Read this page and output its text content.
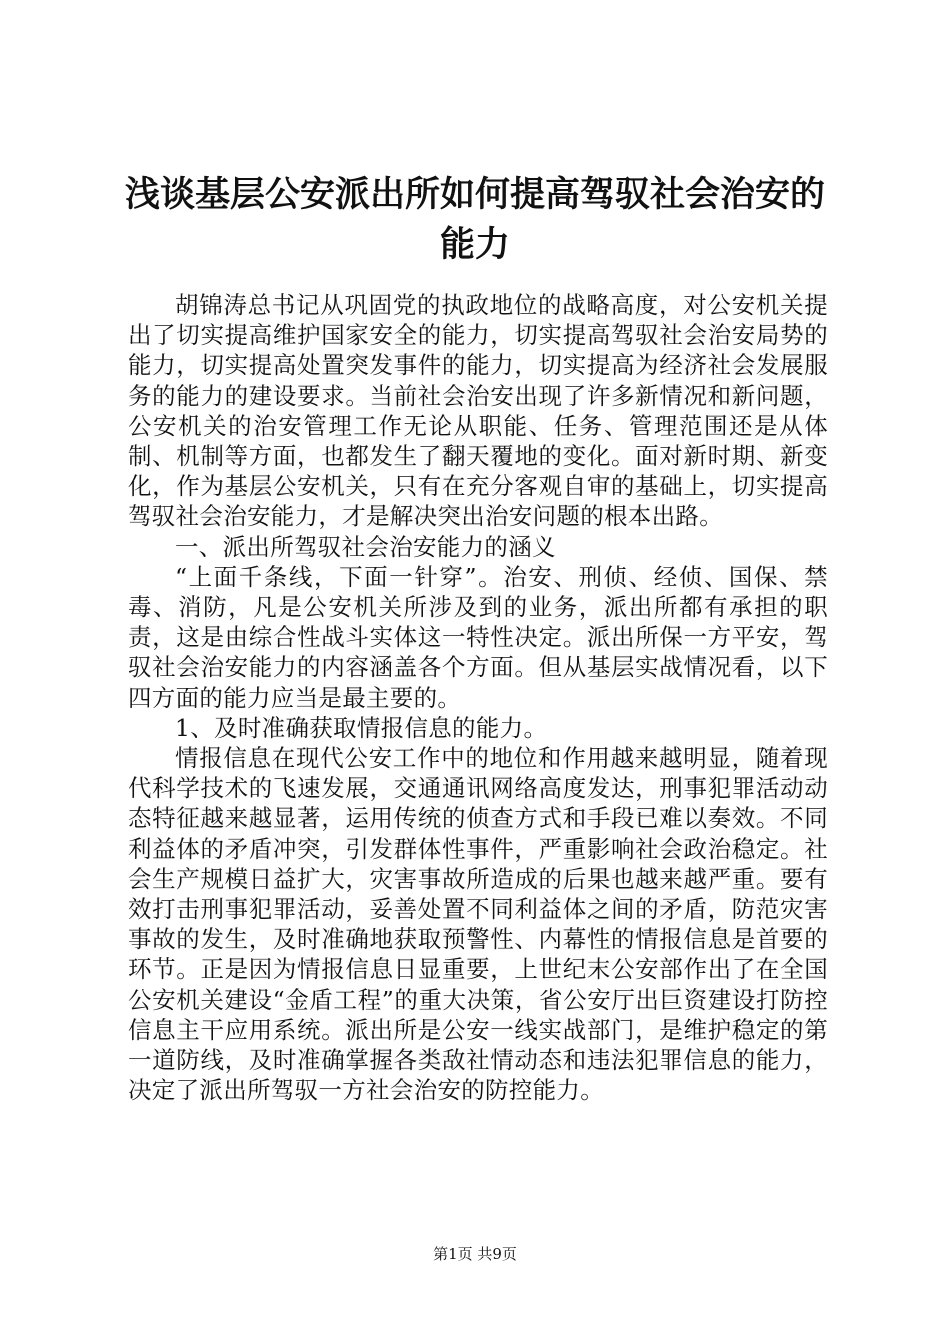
浅谈基层公安派出所如何提高驾驭社会治安的
能力

胡锦涛总书记从巩固党的执政地位的战略高度，对公安机关提出了切实提高维护国家安全的能力，切实提高驾驭社会治安局势的能力，切实提高处置突发事件的能力，切实提高为经济社会发展服务的能力的建设要求。当前社会治安出现了许多新情况和新问题，公安机关的治安管理工作无论从职能、任务、管理范围还是从体制、机制等方面，也都发生了翻天覆地的变化。面对新时期、新变化，作为基层公安机关，只有在充分客观自审的基础上，切实提高驾驭社会治安能力，才是解决突出治安问题的根本出路。

一、派出所驾驭社会治安能力的涵义

“上面千条线，下面一针穿”。治安、刑侦、经侦、国保、禁毒、消防，凡是公安机关所涉及到的业务，派出所都有承担的职责，这是由综合性战斗实体这一特性决定。派出所保一方平安，驾驭社会治安能力的内容涵盖各个方面。但从基层实战情况看，以下四方面的能力应当是最主要的。

1、及时准确获取情报信息的能力。

情报信息在现代公安工作中的地位和作用越来越明显，随着现代科学技术的飞速发展，交通通讯网络高度发达，刑事犯罪活动动态特征越来越显著，运用传统的侦查方式和手段已难以奏效。不同利益体的矛盾冲突，引发群体性事件，严重影响社会政治稳定。社会生产规模日益扩大，灾害事故所造成的后果也越来越严重。要有效打击刑事犯罪活动，妥善处置不同利益体之间的矛盾，防范灾害事故的发生，及时准确地获取预警性、内幕性的情报信息是首要的环节。正是因为情报信息日显重要，上世纪末公安部作出了在全国公安机关建设“金盾工程”的重大决策，省公安厅出巨资建设打防控信息主干应用系统。派出所是公安一线实战部门，是维护稳定的第一道防线，及时准确掌握各类敌社情动态和违法犯罪信息的能力，决定了派出所驾驭一方社会治安的防控能力。

第1页 共9页
